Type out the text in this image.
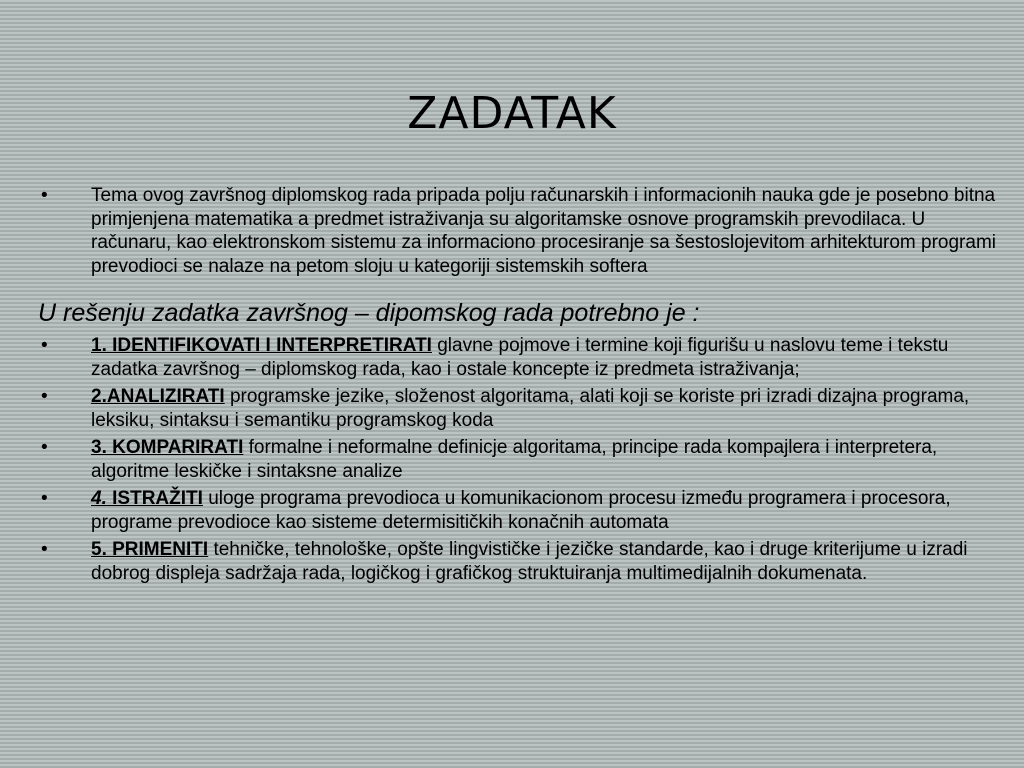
ZADATAK
• Tema ovog završnog diplomskog rada pripada polju računarskih i informacionih nauka gde je posebno bitna primjenjena matematika a predmet istraživanja su algoritamske osnove programskih prevodilaca. U računaru, kao elektronskom sistemu za informaciono procesiranje sa šestoslojevitom arhitekturom programi prevodioci se nalaze na petom sloju u kategoriji sistemskih softera

U rešenju zadatka završnog – dipomskog rada potrebno je :

• 1. IDENTIFIKOVATI I INTERPRETIRATI glavne pojmove i termine koji figurišu u naslovu teme i tekstu zadatka završnog – diplomskog rada, kao i ostale koncepte iz predmeta istraživanja;
• 2.ANALIZIRATI programske jezike, složenost algoritama, alati koji se koriste pri izradi dizajna programa, leksiku, sintaksu i semantiku programskog koda
• 3. KOMPARIRATI formalne i neformalne definicje algoritama, principe rada kompajlera i interpretera, algoritme leskičke i sintaksne analize
• 4. ISTRAŽITI uloge programa prevodioca u komunikacionom procesu između programera i procesora, programe prevodioce kao sisteme determisitičkih konačnih automata
• 5. PRIMENITI tehničke, tehnološke, opšte lingvističke i jezičke standarde, kao i druge kriterijume u izradi dobrog displeja sadržaja rada, logičkog i grafičkog struktuiranja multimedijalnih dokumenata.
